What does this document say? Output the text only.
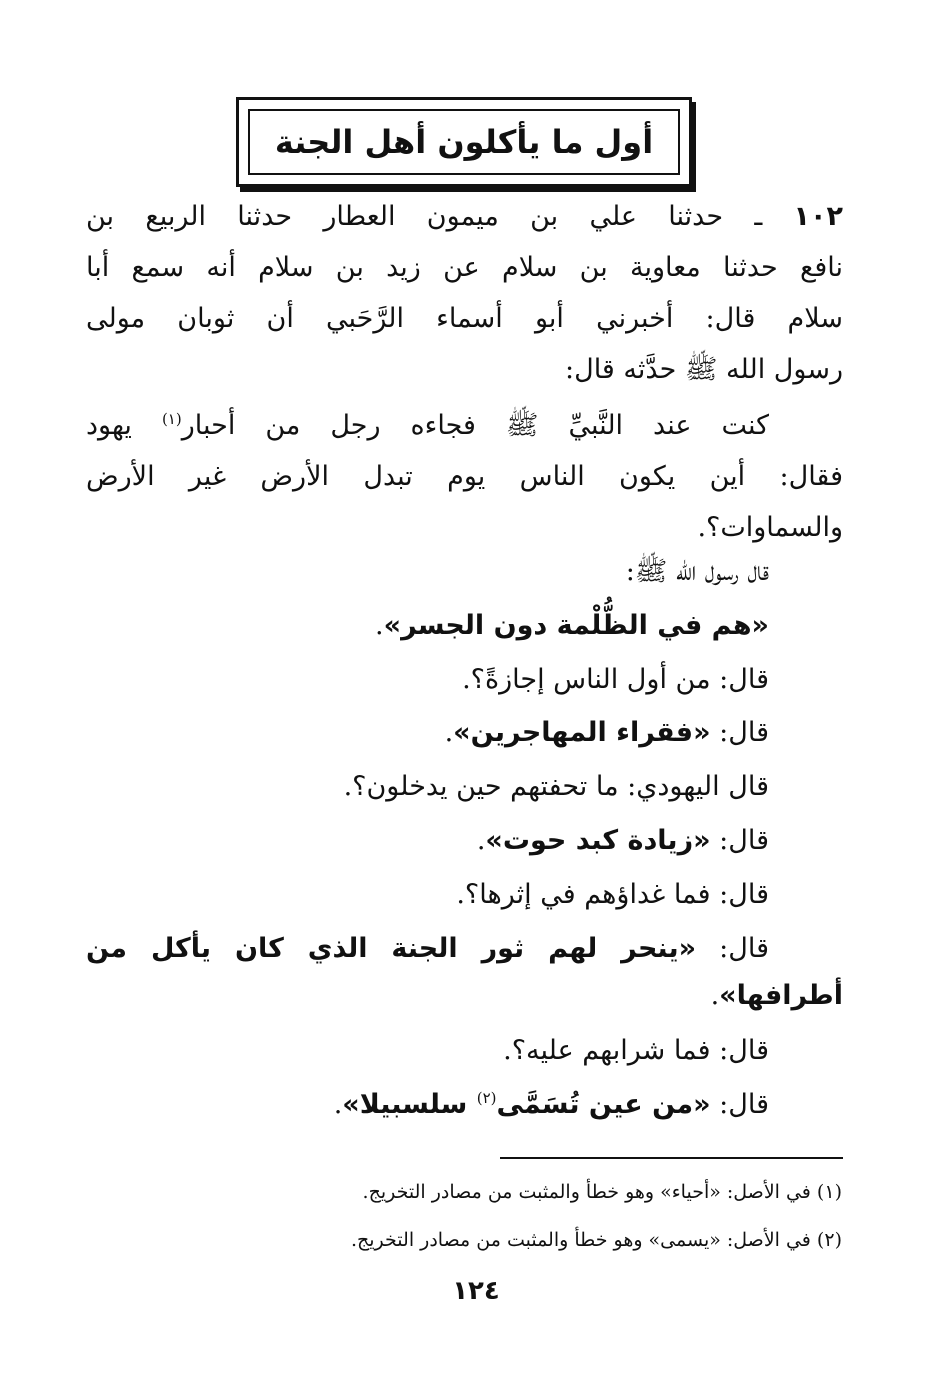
أول ما يأكلون أهل الجنة
١٠٢ ـ حدثنا علي بن ميمون العطار حدثنا الربيع بن
نافع حدثنا معاوية بن سلام عن زيد بن سلام أنه سمع أبا
سلام قال: أخبرني أبو أسماء الرَّحَبي أن ثوبان مولى
رسول الله ﷺ حدَّثه قال:
كنت عند النَّبيِّ ﷺ فجاءه رجل من أحبار$^{(١)}$ يهود
فقال: أين يكون الناس يوم تبدل الأرض غير الأرض
والسماوات؟.
قال رسول الله ﷺ:
«هم في الظُّلْمة دون الجسر».
قال: من أول الناس إجازةً؟.
قال: «فقراء المهاجرين».
قال اليهودي: ما تحفتهم حين يدخلون؟.
قال: «زيادة كبد حوت».
قال: فما غداؤهم في إثرها؟.
قال: «ينحر لهم ثور الجنة الذي كان يأكل من
أطرافها».
قال: فما شرابهم عليه؟.
قال: «من عين تُسَمَّى$^{(٢)}$ سلسبيلا».
(١) في الأصل: «أحياء» وهو خطأ والمثبت من مصادر التخريج.
(٢) في الأصل: «يسمى» وهو خطأ والمثبت من مصادر التخريج.
١٢٤
